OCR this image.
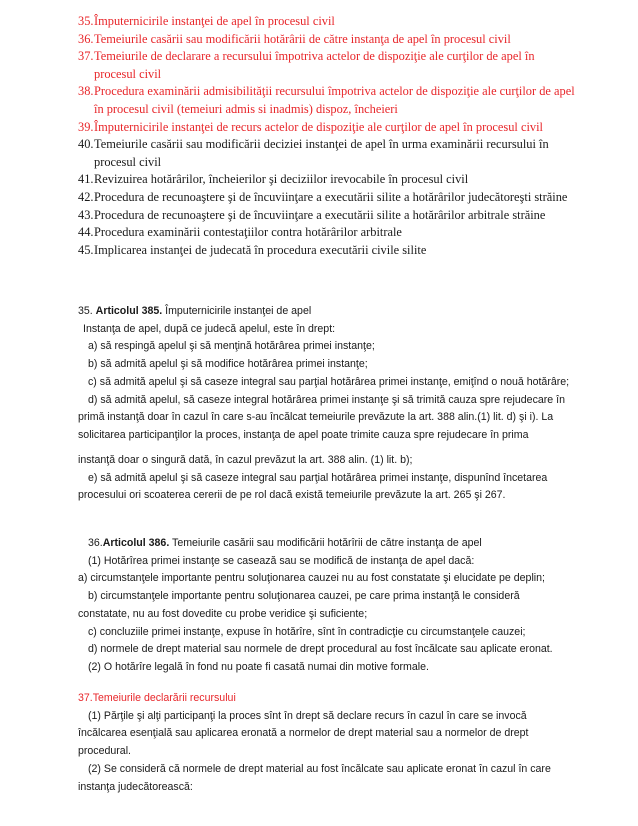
35. Împuternicirile instanţei de apel în procesul civil
36. Temeiurile casării sau modificării hotărârii de către instanţa de apel în procesul civil
37. Temeiurile de declarare a recursului împotriva actelor de dispoziţie ale curţilor de apel în procesul civil
38. Procedura examinării admisibilităţii recursului împotriva actelor de dispoziţie ale curţilor de apel în procesul civil (temeiuri admis si inadmis) dispoz, încheieri
39. Împuternicirile instanţei de recurs actelor de dispoziţie ale curţilor de apel în procesul civil
40. Temeiurile casării sau modificării deciziei instanţei de apel în urma examinării recursului în procesul civil
41. Revizuirea hotărârilor, încheierilor şi deciziilor irevocabile în procesul civil
42. Procedura de recunoaştere şi de încuviinţare a executării silite a hotărârilor judecătoreşti străine
43. Procedura de recunoaştere şi de încuviinţare a executării silite a hotărârilor arbitrale străine
44. Procedura examinării contestaţiilor contra hotărârilor arbitrale
45. Implicarea instanţei de judecată în procedura executării civile silite

35. Articolul 385. Împuternicirile instanţei de apel

Instanţa de apel, după ce judecă apelul, este în drept:

a) să respingă apelul şi să menţină hotărârea primei instanţe;

b) să admită apelul şi să modifice hotărârea primei instanţe;

c) să admită apelul şi să caseze integral sau parţial hotărârea primei instanţe, emiţînd o nouă hotărâre;

d) să admită apelul, să caseze integral hotărârea primei instanţe şi să trimită cauza spre rejudecare în

primă instanţă doar în cazul în care s-au încălcat temeiurile prevăzute la art. 388 alin.(1) lit. d) şi i). La

solicitarea participanţilor la proces, instanţa de apel poate trimite cauza spre rejudecare în prima

instanţă doar o singură dată, în cazul prevăzut la art. 388 alin. (1) lit. b);

e) să admită apelul şi să caseze integral sau parţial hotărârea primei instanţe, dispunînd încetarea

procesului ori scoaterea cererii de pe rol dacă există temeiurile prevăzute la art. 265 şi 267.

36.Articolul 386. Temeiurile casării sau modificării hotărîrii de către instanţa de apel

(1) Hotărîrea primei instanţe se casează sau se modifică de instanţa de apel dacă:

a) circumstanţele importante pentru soluţionarea cauzei nu au fost constatate şi elucidate pe deplin;

b) circumstanţele importante pentru soluţionarea cauzei, pe care prima instanţă le consideră

constatate, nu au fost dovedite cu probe veridice şi suficiente;

c) concluziile primei instanţe, expuse în hotărîre, sînt în contradicţie cu circumstanţele cauzei;

d) normele de drept material sau normele de drept procedural au fost încălcate sau aplicate eronat.

(2) O hotărîre legală în fond nu poate fi casată numai din motive formale.

37.Temeiurile declarării recursului

(1) Părţile şi alţi participanţi la proces sînt în drept să declare recurs în cazul în care se invocă

încălcarea esenţială sau aplicarea eronată a normelor de drept material sau a normelor de drept

procedural.

(2) Se consideră că normele de drept material au fost încălcate sau aplicate eronat în cazul în care

instanţa judecătorească:
